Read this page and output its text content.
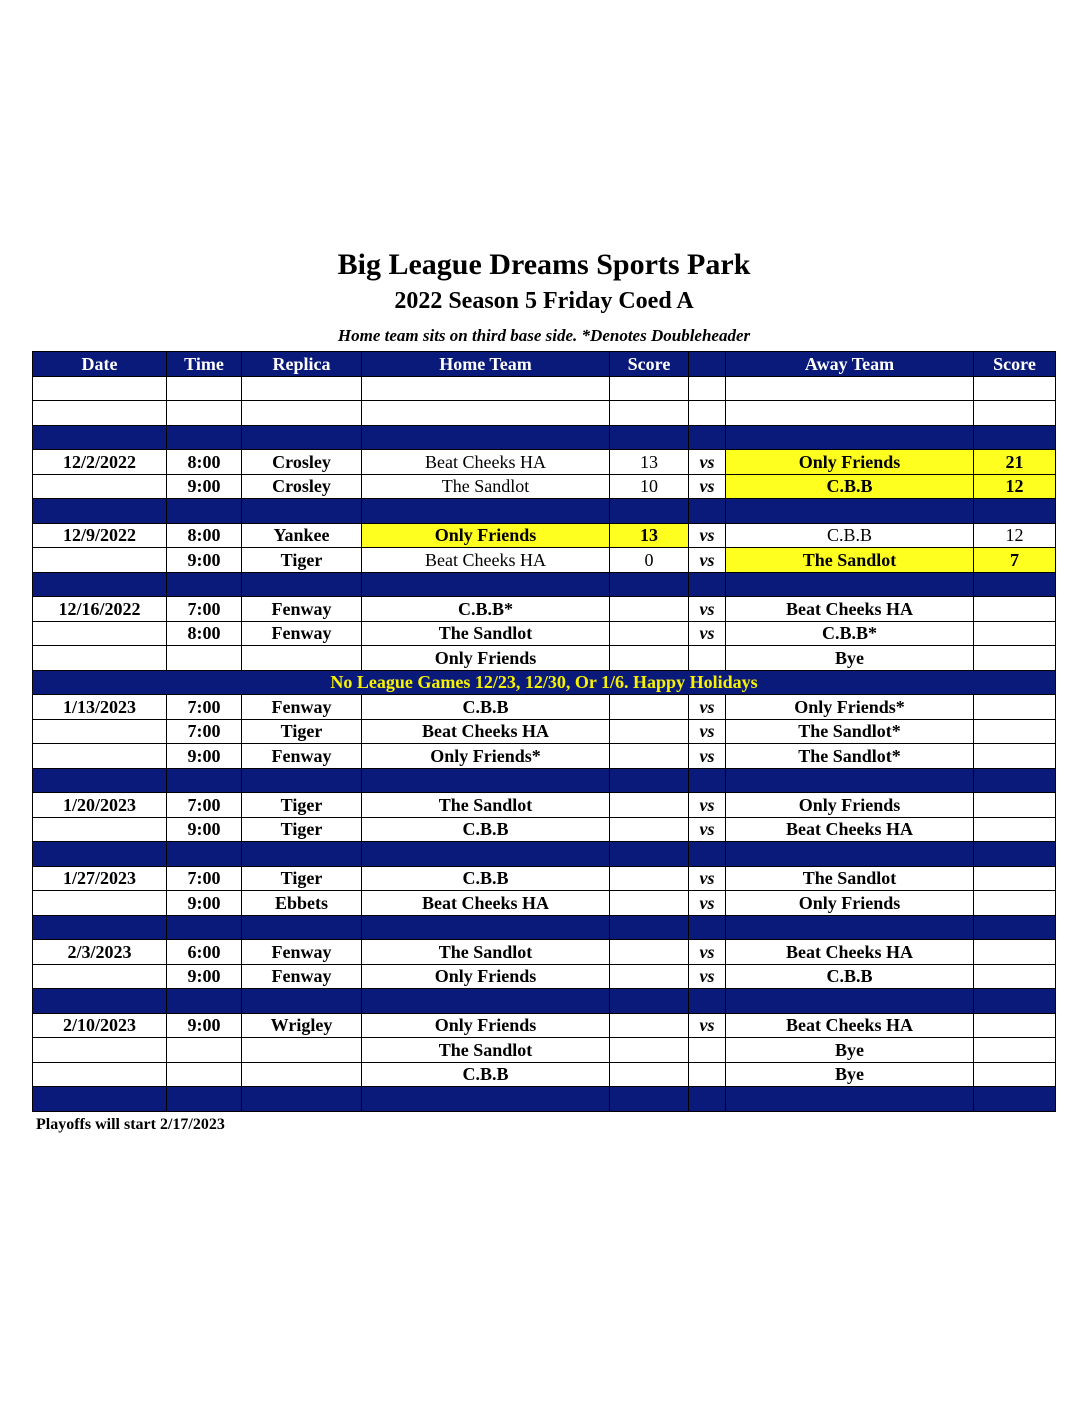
Big League Dreams Sports Park
2022 Season 5 Friday Coed A
Home team sits on third base side. *Denotes Doubleheader
Date	Time	Replica	Home Team	Score		Away Team	Score

12/2/2022	8:00	Crosley	Beat Cheeks HA	13	vs	Only Friends	21
	9:00	Crosley	The Sandlot	10	vs	C.B.B	12

12/9/2022	8:00	Yankee	Only Friends	13	vs	C.B.B	12
	9:00	Tiger	Beat Cheeks HA	0	vs	The Sandlot	7

12/16/2022	7:00	Fenway	C.B.B*		vs	Beat Cheeks HA	
	8:00	Fenway	The Sandlot		vs	C.B.B*	
			Only Friends			Bye	
No League Games 12/23, 12/30, Or 1/6. Happy Holidays							
1/13/2023	7:00	Fenway	C.B.B		vs	Only Friends*	
	7:00	Tiger	Beat Cheeks HA		vs	The Sandlot*	
	9:00	Fenway	Only Friends*		vs	The Sandlot*	

1/20/2023	7:00	Tiger	The Sandlot		vs	Only Friends	
	9:00	Tiger	C.B.B		vs	Beat Cheeks HA	

1/27/2023	7:00	Tiger	C.B.B		vs	The Sandlot	
	9:00	Ebbets	Beat Cheeks HA		vs	Only Friends	

2/3/2023	6:00	Fenway	The Sandlot		vs	Beat Cheeks HA	
	9:00	Fenway	Only Friends		vs	C.B.B	

2/10/2023	9:00	Wrigley	Only Friends		vs	Beat Cheeks HA	
			The Sandlot			Bye	
			C.B.B			Bye	

Playoffs will start 2/17/2023
